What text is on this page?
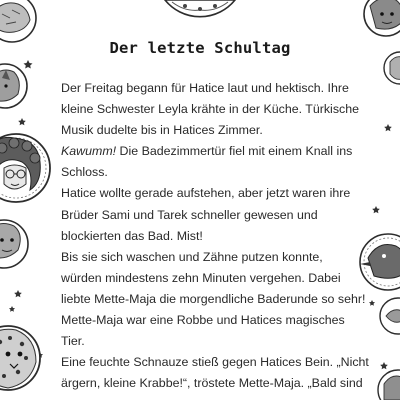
Der letzte Schultag
Der Freitag begann für Hatice laut und hektisch. Ihre
kleine Schwester Leyla krähte in der Küche. Türkische
Musik dudelte bis in Hatices Zimmer.
Kawumm! Die Badezimmertür fiel mit einem Knall ins
Schloss.
Hatice wollte gerade aufstehen, aber jetzt waren ihre
Brüder Sami und Tarek schneller gewesen und
blockierten das Bad. Mist!
Bis sie sich waschen und Zähne putzen konnte,
würden mindestens zehn Minuten vergehen. Dabei
liebte Mette-Maja die morgendliche Baderunde so sehr!
Mette-Maja war eine Robbe und Hatices magisches
Tier.
Eine feuchte Schnauze stieß gegen Hatices Bein. „Nicht
ärgern, kleine Krabbe!“, tröstete Mette-Maja. „Bald sind
